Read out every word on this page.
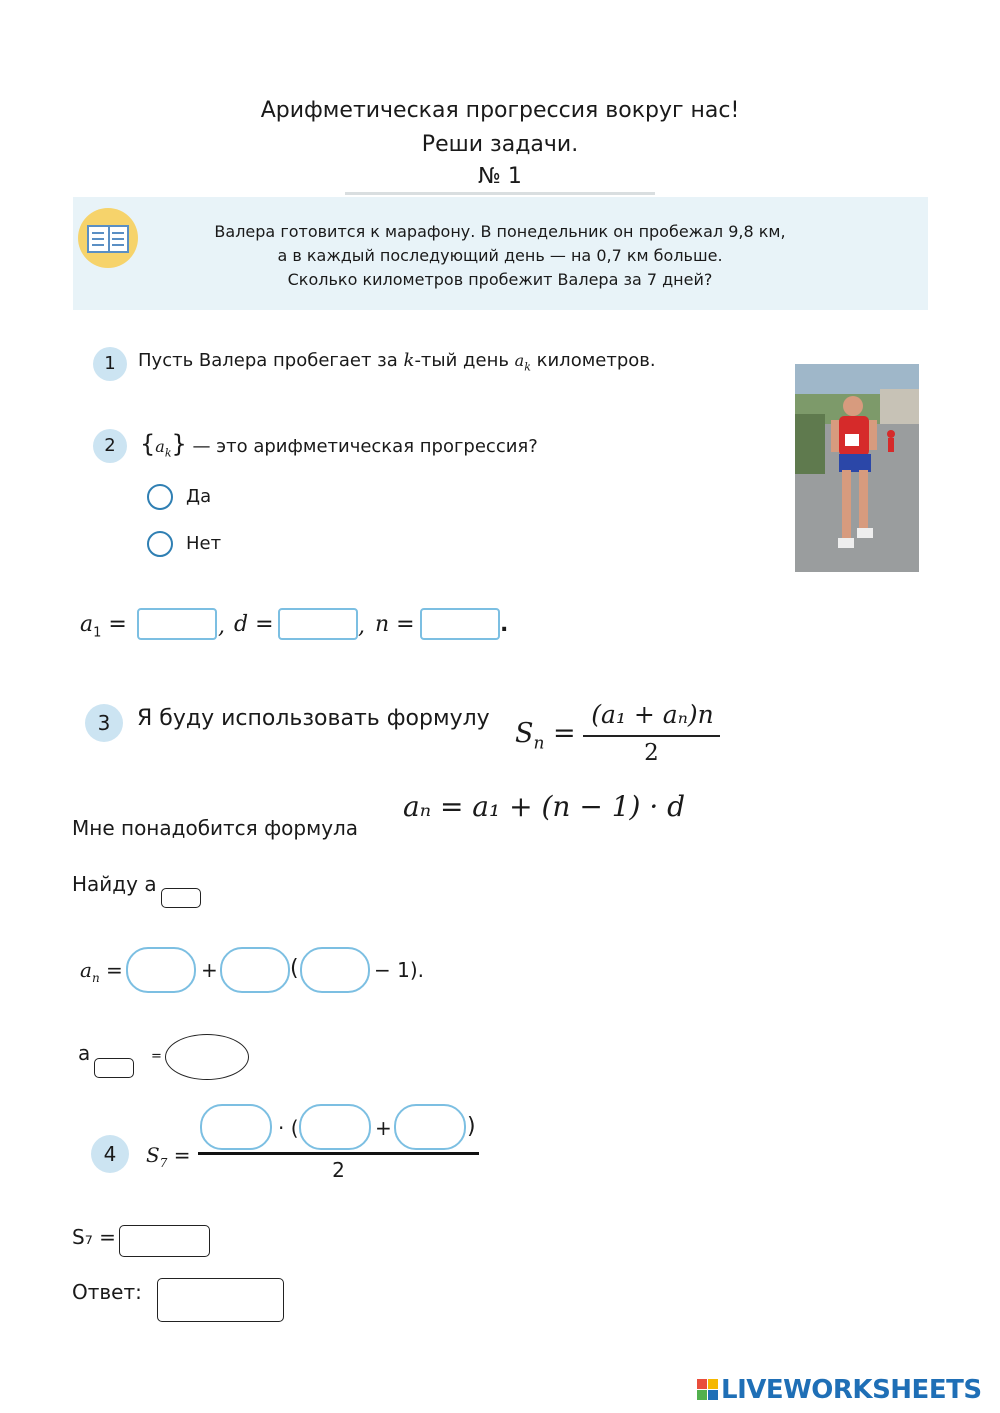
Арифметическая прогрессия вокруг нас!
Реши задачи.
№ 1
Валера готовится к марафону. В понедельник он пробежал 9,8 км,
а в каждый последующий день — на 0,7 км больше.
Сколько километров пробежит Валера за 7 дней?
1	Пусть Валера пробегает за k-тый день $a_k$ километров.
2	$\{a_k\}$ — это арифметическая прогрессия?
Да
Нет
$a_1$ =	, d =	, n =	.
3	Я буду использовать формулу $S_n$ =
(a₁ + aₙ)n
2
Мне понадобится формула
aₙ = a₁ + (n − 1) · d
Найду а
$a_n$ =	+	(	− 1).
а	=
4	$S_7$ =
· (	+	)
2
S₇ =
Ответ:
LIVEWORKSHEETS
